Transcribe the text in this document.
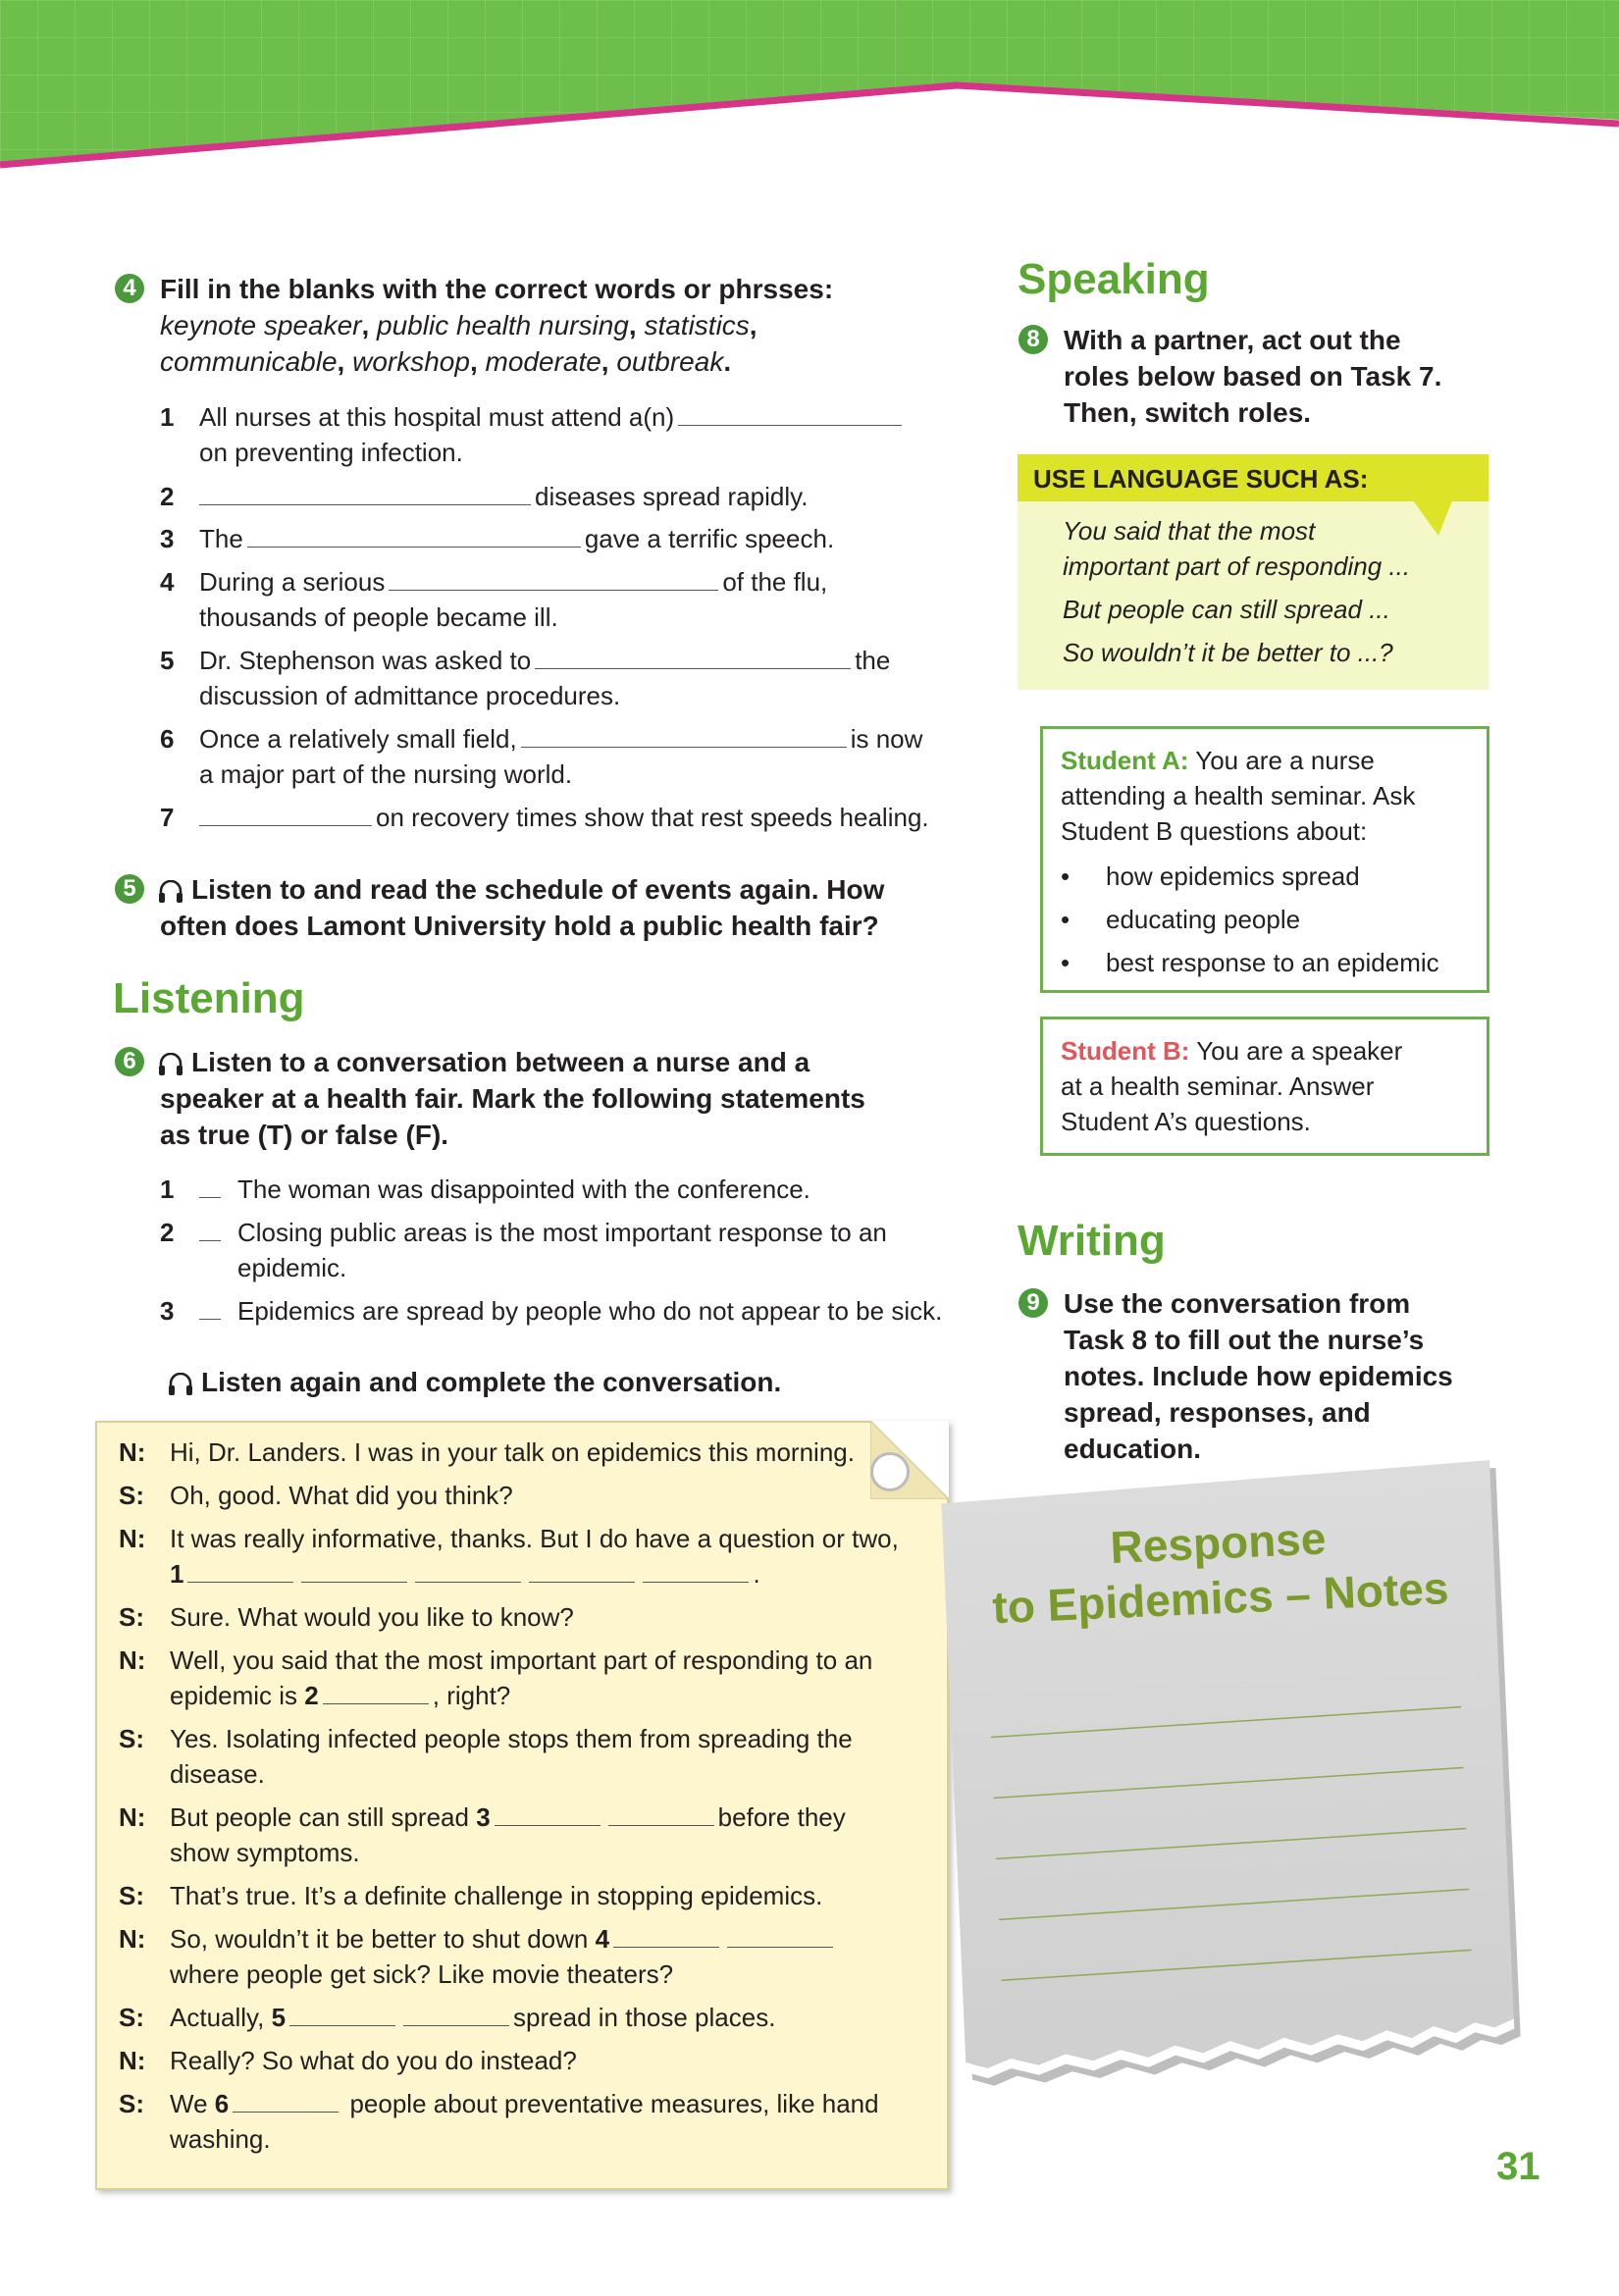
4 Fill in the blanks with the correct words or phrsses:
keynote speaker, public health nursing, statistics,
communicable, workshop, moderate, outbreak.
1 All nurses at this hospital must attend a(n)
on preventing infection.
2	diseases spread rapidly.
3 The	gave a terrific speech.
4 During a serious	of the flu,
thousands of people became ill.
5 Dr. Stephenson was asked to	the
discussion of admittance procedures.
6 Once a relatively small field,	is now
a major part of the nursing world.
7	on recovery times show that rest speeds healing.
5	Listen to and read the schedule of events again. How
often does Lamont University hold a public health fair?
Listening
6	Listen to a conversation between a nurse and a
speaker at a health fair. Mark the following statements
as true (T) or false (F).
1 The woman was disappointed with the conference.
2 Closing public areas is the most important response to an
epidemic.
3 Epidemics are spread by people who do not appear to be sick.
Listen again and complete the conversation.
N: Hi, Dr. Landers. I was in your talk on epidemics this morning.
S:	Oh, good. What did you think?
N: It was really informative, thanks. But I do have a question or two,
1	.
S:	Sure. What would you like to know?
N: Well, you said that the most important part of responding to an
epidemic is 2	, right?
S:	Yes. Isolating infected people stops them from spreading the
disease.
N: But people can still spread 3	before they
show symptoms.
S:	That’s true. It’s a definite challenge in stopping epidemics.
N: So, wouldn’t it be better to shut down 4
where people get sick? Like movie theaters?
S:	Actually, 5	spread in those places.
N: Really? So what do you do instead?
S:	We 6	people about preventative measures, like hand
washing.
Speaking
8 With a partner, act out the
roles below based on Task 7.
Then, switch roles.
USE LANGUAGE SUCH AS:
You said that the most
important part of responding ...
But people can still spread ...
So wouldn’t it be better to ...?
Student A: You are a nurse
attending a health seminar. Ask
Student B questions about:
• how epidemics spread
• educating people
• best response to an epidemic
Student B: You are a speaker
at a health seminar. Answer
Student A’s questions.
Writing
9 Use the conversation from
Task 8 to fill out the nurse’s
notes. Include how epidemics
spread, responses, and
education.
Response
to Epidemics – Notes
31
